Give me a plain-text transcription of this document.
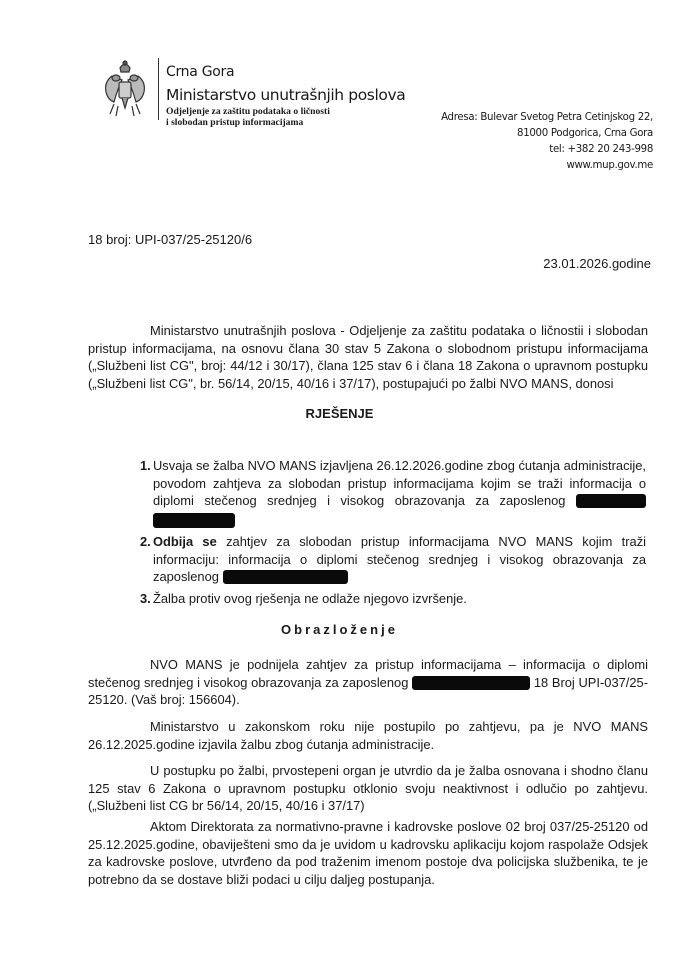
Crna Gora
Ministarstvo unutrašnjih poslova
Odjeljenje za zaštitu podataka o ličnosti
i slobodan pristup informacijama	Adresa: Bulevar Svetog Petra Cetinjskog 22,
81000 Podgorica, Crna Gora
tel: +382 20 243-998
www.mup.gov.me
18 broj: UPI-037/25-25120/6
23.01.2026.godine
Ministarstvo unutrašnjih poslova - Odjeljenje za zaštitu podataka o ličnostii i slobodan pristup informacijama, na osnovu člana 30 stav 5 Zakona o slobodnom pristupu informacijama („Službeni list CG", broj: 44/12 i 30/17), člana 125 stav 6 i člana 18 Zakona o upravnom postupku („Službeni list CG", br. 56/14, 20/15, 40/16 i 37/17), postupajući po žalbi NVO MANS, donosi
RJEŠENJE
1. Usvaja se žalba NVO MANS izjavljena 26.12.2026.godine zbog ćutanja administracije, povodom zahtjeva za slobodan pristup informacijama kojim se traži informacija o diplomi stečenog srednjeg i visokog obrazovanja za zaposlenog
2. Odbija se zahtjev za slobodan pristup informacijama NVO MANS kojim traži informaciju: informacija o diplomi stečenog srednjeg i visokog obrazovanja za zaposlenog
3. Žalba protiv ovog rješenja ne odlaže njegovo izvršenje.
Obrazloženje
NVO MANS je podnijela zahtjev za pristup informacijama – informacija o diplomi stečenog srednjeg i visokog obrazovanja za zaposlenog	18 Broj UPI-037/25-25120. (Vaš broj: 156604).
Ministarstvo u zakonskom roku nije postupilo po zahtjevu, pa je NVO MANS 26.12.2025.godine izjavila žalbu zbog ćutanja administracije.
U postupku po žalbi, prvostepeni organ je utvrdio da je žalba osnovana i shodno članu 125 stav 6 Zakona o upravnom postupku otklonio svoju neaktivnost i odlučio po zahtjevu. („Službeni list CG br 56/14, 20/15, 40/16 i 37/17)
Aktom Direktorata za normativno-pravne i kadrovske poslove 02 broj 037/25-25120 od 25.12.2025.godine, obaviješteni smo da je uvidom u kadrovsku aplikaciju kojom raspolaže Odsjek za kadrovske poslove, utvrđeno da pod traženim imenom postoje dva policijska službenika, te je potrebno da se dostave bliži podaci u cilju daljeg postupanja.
